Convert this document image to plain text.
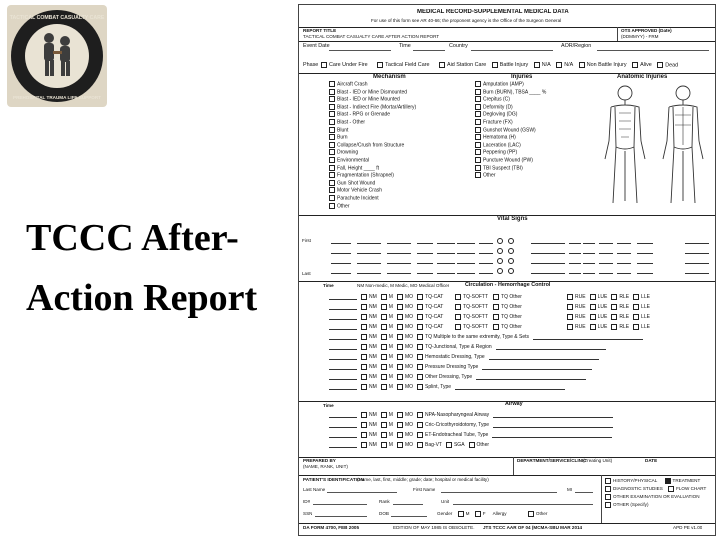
TACTICAL COMBAT CASUALTY CARE
PREHOSPITAL TRAUMA LIFE SUPPORT
TCCC After-
Action Report
MEDICAL RECORD-SUPPLEMENTAL MEDICAL DATA
For use of this form see AR 40-66; the proponent agency is the Office of the Surgeon General
REPORT TITLE
TACTICAL COMBAT CASUALTY CARE AFTER ACTION REPORT
OTS APPROVED (Date)
(DDMMYY) - FRM
Event Date	Time	Country	AOR/Region
Phase	Care Under Fire	Tactical Field Care	Aid Station Care	Battle Injury	N/A	N/A	Non Battle Injury	Alive	Dead
Mechanism	Injuries	Anatomic Injuries
Aircraft Crash
Blast - IED or Mine Dismounted
Blast - IED or Mine Mounted
Blast - Indirect Fire (Mortar/Artillery)
Blast - RPG or Grenade
Blast - Other
Blunt
Burn
Collapse/Crush from Structure
Drowning
Environmental
Fall, Height ____ ft
Fragmentation (Shrapnel)
Gun Shot Wound
Motor Vehicle Crash
Parachute Incident
Other
Amputation (AMP)
Burn (BURN), TBSA ____ %
Crepitus (C)
Deformity (D)
Degloving (DG)
Fracture (FX)
Gunshot Wound (GSW)
Hematoma (H)
Laceration (LAC)
Peppering (PP)
Puncture Wound (PW)
TBI Suspect (TBI)
Other
Vital Signs
First
Last
Time	NM Non-medic, M Medic, MO Medical Officer	Circulation - Hemorrhage Control
NM M MO TQ-CAT	TQ-SOFTT	TQ Other	RUE LUE RLE LLE
NM M MO TQ-CAT	TQ-SOFTT	TQ Other	RUE LUE RLE LLE
NM M MO TQ-CAT	TQ-SOFTT	TQ Other	RUE LUE RLE LLE
NM M MO TQ-CAT	TQ-SOFTT	TQ Other	RUE LUE RLE LLE
NM M MO TQ Multiple to the same extremity, Type & Sets
NM M MO TQ-Junctional, Type & Region
NM M MO Hemostatic Dressing, Type
NM M MO Pressure Dressing Type
NM M MO Other Dressing, Type
NM M MO Splint, Type
Time	Airway
NM M MO NPA-Nasopharyngeal Airway
NM M MO Cric-Cricothyroidotomy, Type
NM M MO ET-Endotracheal Tube, Type
NM M MO Bag-VT SGA Other
PREPARED BY
(NAME, RANK, UNIT)
DEPARTMENT/SERVICE/CLINIC
(Treating Unit)	DATE
PATIENT'S IDENTIFICATION
(Name, last, first, middle; grade; date; hospital or medical facility)
Last Name	First Name	MI
ID#	Rank	Unit
SSN	DOB	Gender	M	F Allergy	Other
HISTORY/PHYSICAL	TREATMENT
DIAGNOSTIC STUDIES	FLOW CHART
OTHER EXAMINATION OR EVALUATION
OTHER (Specify)
DA FORM 4700, FEB 2005	EDITION OF MAY 1985 IS OBSOLETE. JTS TCCC AAR OF 04 (MCMA-SBU MAR 2014	APD PE v1.00
